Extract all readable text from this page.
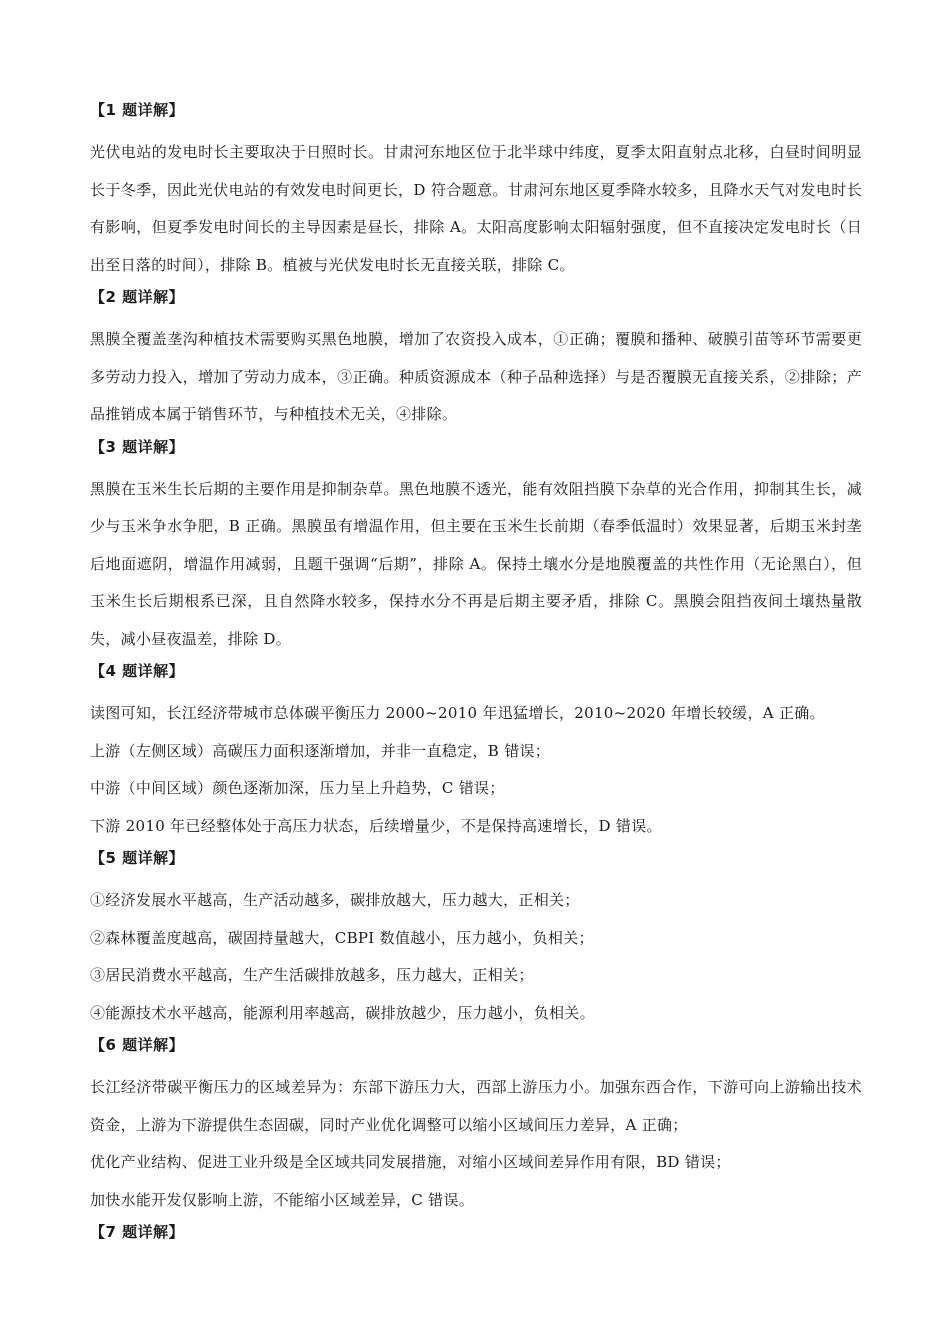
【1 题详解】

光伏电站的发电时长主要取决于日照时长。甘肃河东地区位于北半球中纬度，夏季太阳直射点北移，白昼时间明显长于冬季，因此光伏电站的有效发电时间更长，D 符合题意。甘肃河东地区夏季降水较多，且降水天气对发电时长有影响，但夏季发电时间长的主导因素是昼长，排除 A。太阳高度影响太阳辐射强度，但不直接决定发电时长（日出至日落的时间），排除 B。植被与光伏发电时长无直接关联，排除 C。

【2 题详解】

黑膜全覆盖垄沟种植技术需要购买黑色地膜，增加了农资投入成本，①正确；覆膜和播种、破膜引苗等环节需要更多劳动力投入，增加了劳动力成本，③正确。种质资源成本（种子品种选择）与是否覆膜无直接关系，②排除；产品推销成本属于销售环节，与种植技术无关，④排除。

【3 题详解】

黑膜在玉米生长后期的主要作用是抑制杂草。黑色地膜不透光，能有效阻挡膜下杂草的光合作用，抑制其生长，减少与玉米争水争肥，B 正确。黑膜虽有增温作用，但主要在玉米生长前期（春季低温时）效果显著，后期玉米封垄后地面遮阴，增温作用减弱，且题干强调“后期”，排除 A。保持土壤水分是地膜覆盖的共性作用（无论黑白），但玉米生长后期根系已深，且自然降水较多，保持水分不再是后期主要矛盾，排除 C。黑膜会阻挡夜间土壤热量散失，减小昼夜温差，排除 D。

【4 题详解】

读图可知，长江经济带城市总体碳平衡压力 2000~2010 年迅猛增长，2010~2020 年增长较缓，A 正确。

上游（左侧区域）高碳压力面积逐渐增加，并非一直稳定，B 错误；

中游（中间区域）颜色逐渐加深，压力呈上升趋势，C 错误；

下游 2010 年已经整体处于高压力状态，后续增量少，不是保持高速增长，D 错误。

【5 题详解】

①经济发展水平越高，生产活动越多，碳排放越大，压力越大，正相关；

②森林覆盖度越高，碳固持量越大，CBPI 数值越小，压力越小，负相关；

③居民消费水平越高，生产生活碳排放越多，压力越大，正相关；

④能源技术水平越高，能源利用率越高，碳排放越少，压力越小，负相关。

【6 题详解】

长江经济带碳平衡压力的区域差异为：东部下游压力大，西部上游压力小。加强东西合作，下游可向上游输出技术资金，上游为下游提供生态固碳，同时产业优化调整可以缩小区域间压力差异，A 正确；

优化产业结构、促进工业升级是全区域共同发展措施，对缩小区域间差异作用有限，BD 错误；

加快水能开发仅影响上游，不能缩小区域差异，C 错误。

【7 题详解】
